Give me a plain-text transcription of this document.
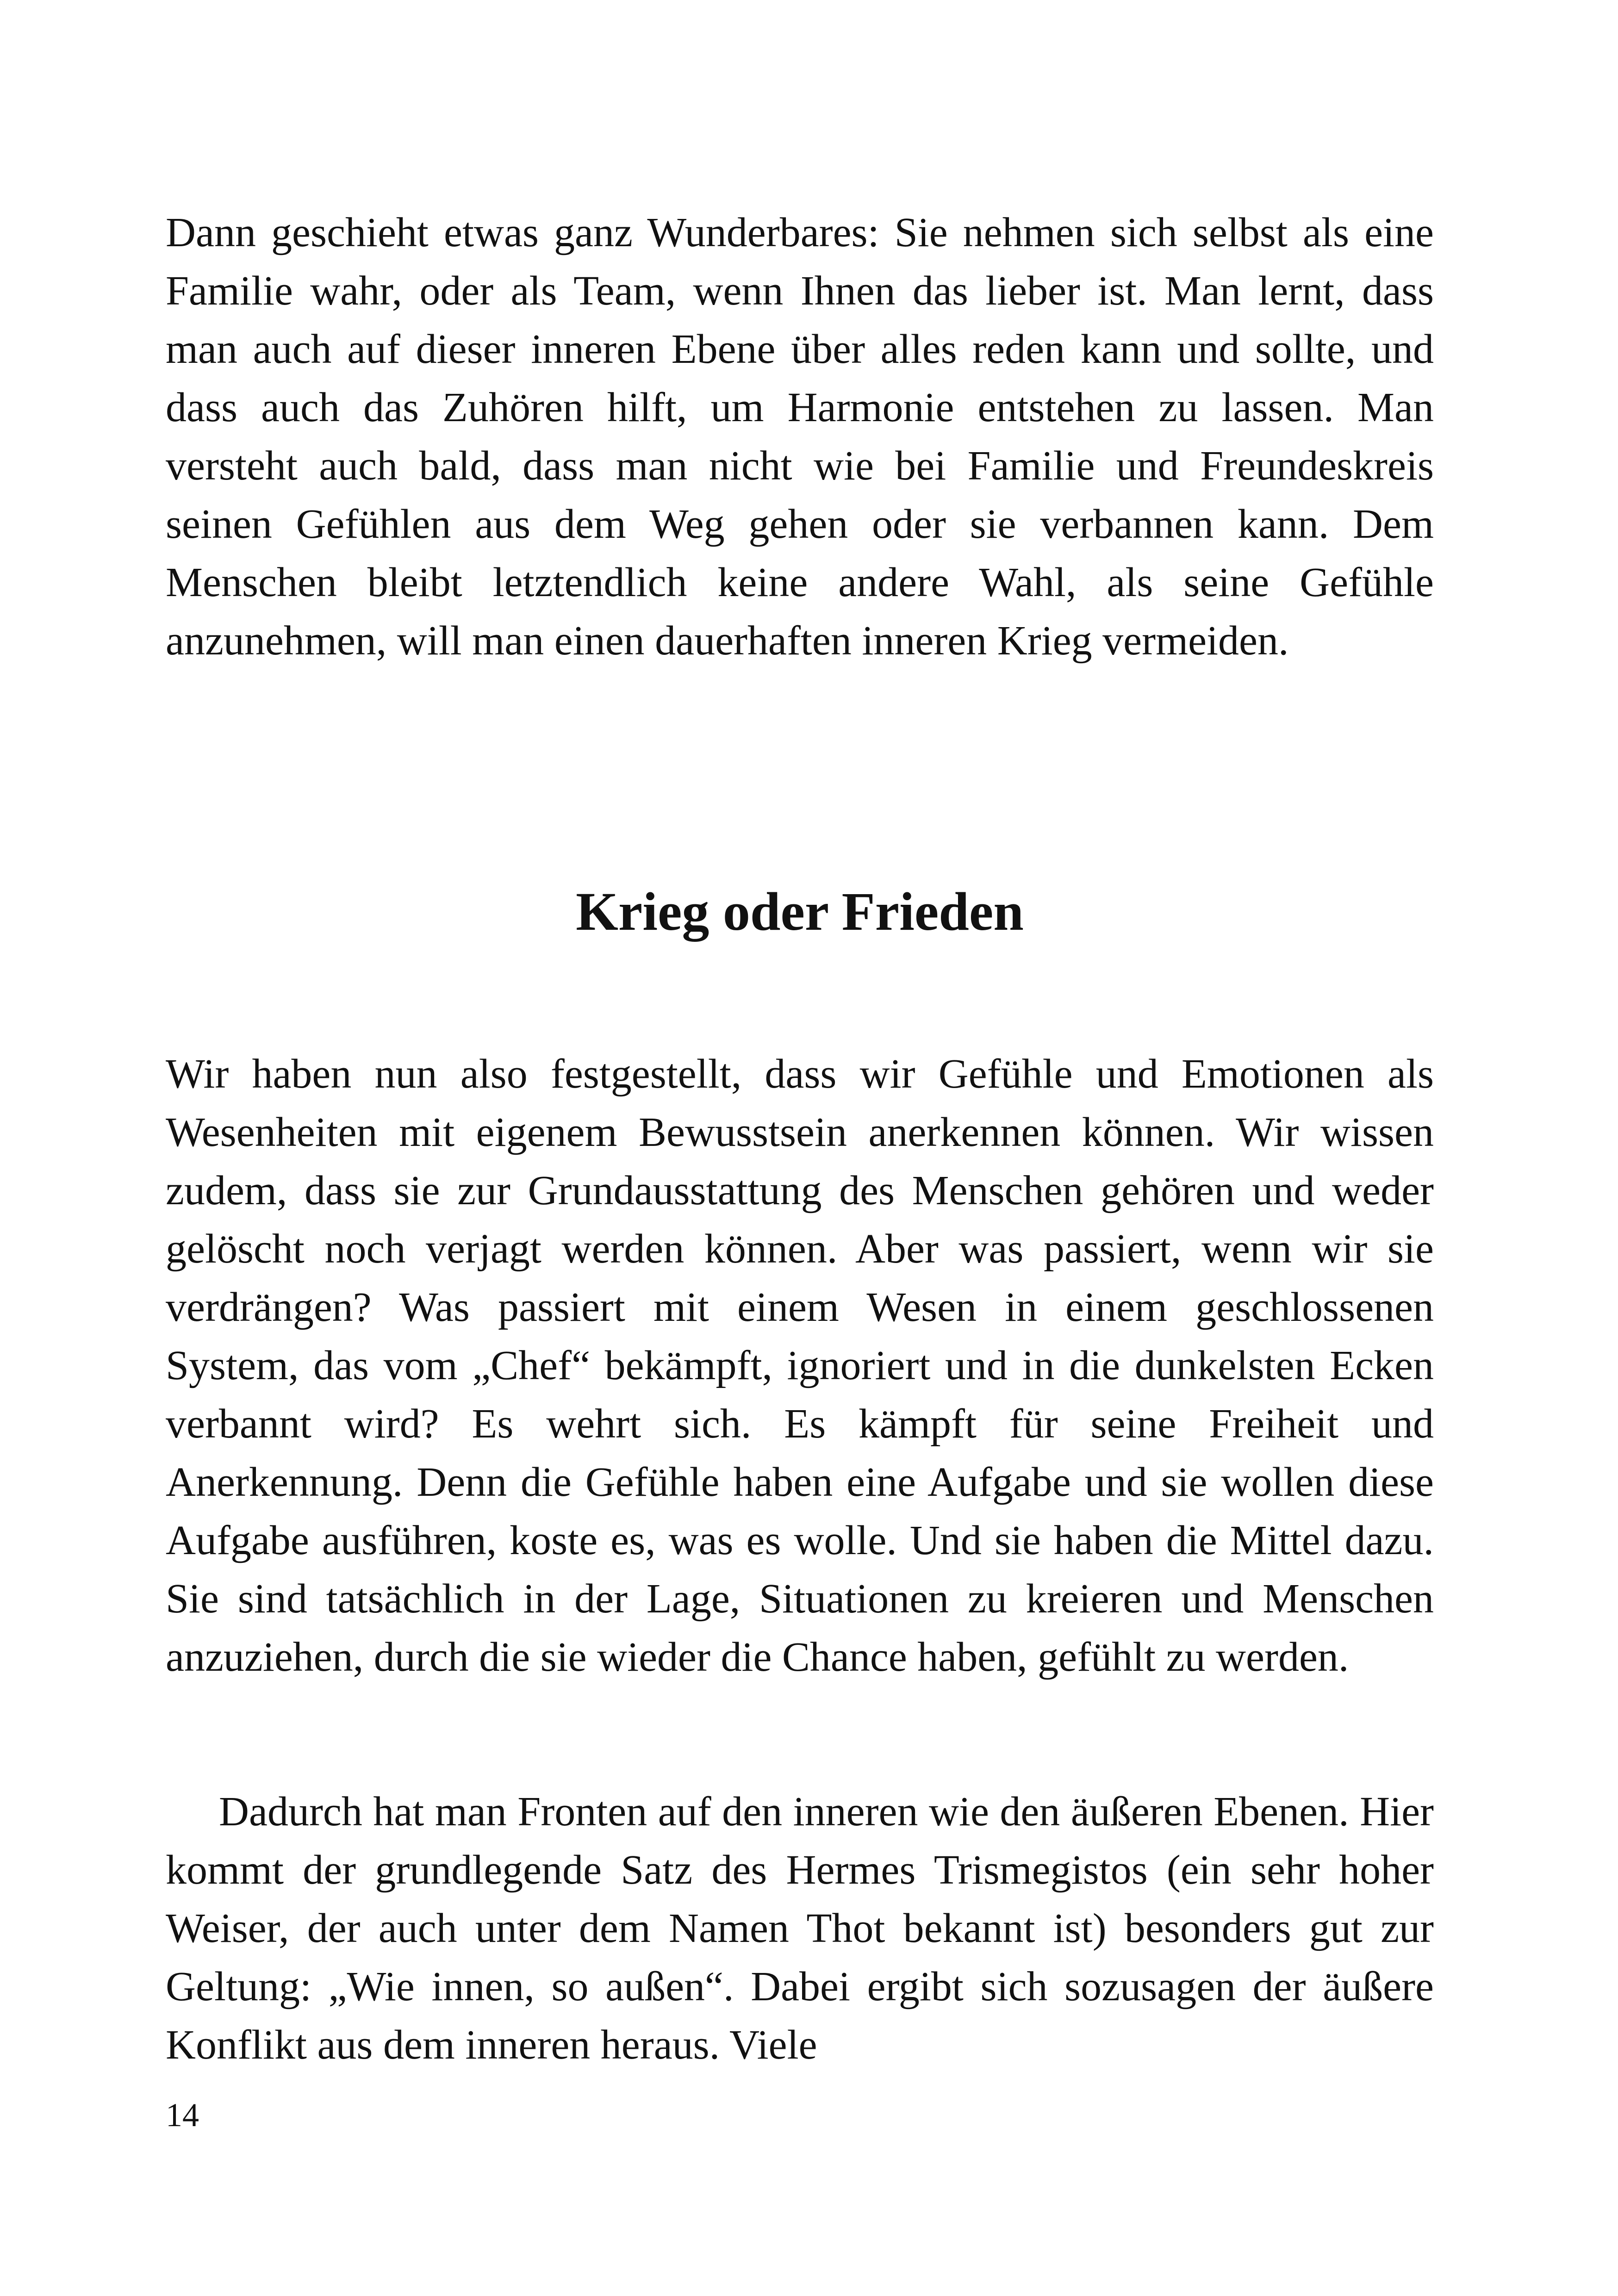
Dann geschieht etwas ganz Wunderbares: Sie nehmen sich selbst als eine Familie wahr, oder als Team, wenn Ihnen das lieber ist. Man lernt, dass man auch auf dieser inneren Ebene über alles reden kann und sollte, und dass auch das Zuhören hilft, um Harmonie entstehen zu lassen. Man versteht auch bald, dass man nicht wie bei Familie und Freundeskreis seinen Gefühlen aus dem Weg gehen oder sie verbannen kann. Dem Menschen bleibt letztendlich keine andere Wahl, als seine Gefühle anzunehmen, will man einen dauerhaften inneren Krieg vermeiden.

Krieg oder Frieden

Wir haben nun also festgestellt, dass wir Gefühle und Emotionen als Wesenheiten mit eigenem Bewusstsein anerkennen können. Wir wissen zudem, dass sie zur Grundausstattung des Menschen gehören und weder gelöscht noch verjagt werden können. Aber was passiert, wenn wir sie verdrängen? Was passiert mit einem Wesen in einem geschlossenen System, das vom „Chef“ bekämpft, ignoriert und in die dunkelsten Ecken verbannt wird? Es wehrt sich. Es kämpft für seine Freiheit und Anerkennung. Denn die Gefühle haben eine Aufgabe und sie wollen diese Aufgabe ausführen, koste es, was es wolle. Und sie haben die Mittel dazu. Sie sind tatsächlich in der Lage, Situationen zu kreieren und Menschen anzuziehen, durch die sie wieder die Chance haben, gefühlt zu werden.

Dadurch hat man Fronten auf den inneren wie den äußeren Ebenen. Hier kommt der grundlegende Satz des Hermes Trismegistos (ein sehr hoher Weiser, der auch unter dem Namen Thot bekannt ist) besonders gut zur Geltung: „Wie innen, so außen“. Dabei ergibt sich sozusagen der äußere Konflikt aus dem inneren heraus. Viele

14
